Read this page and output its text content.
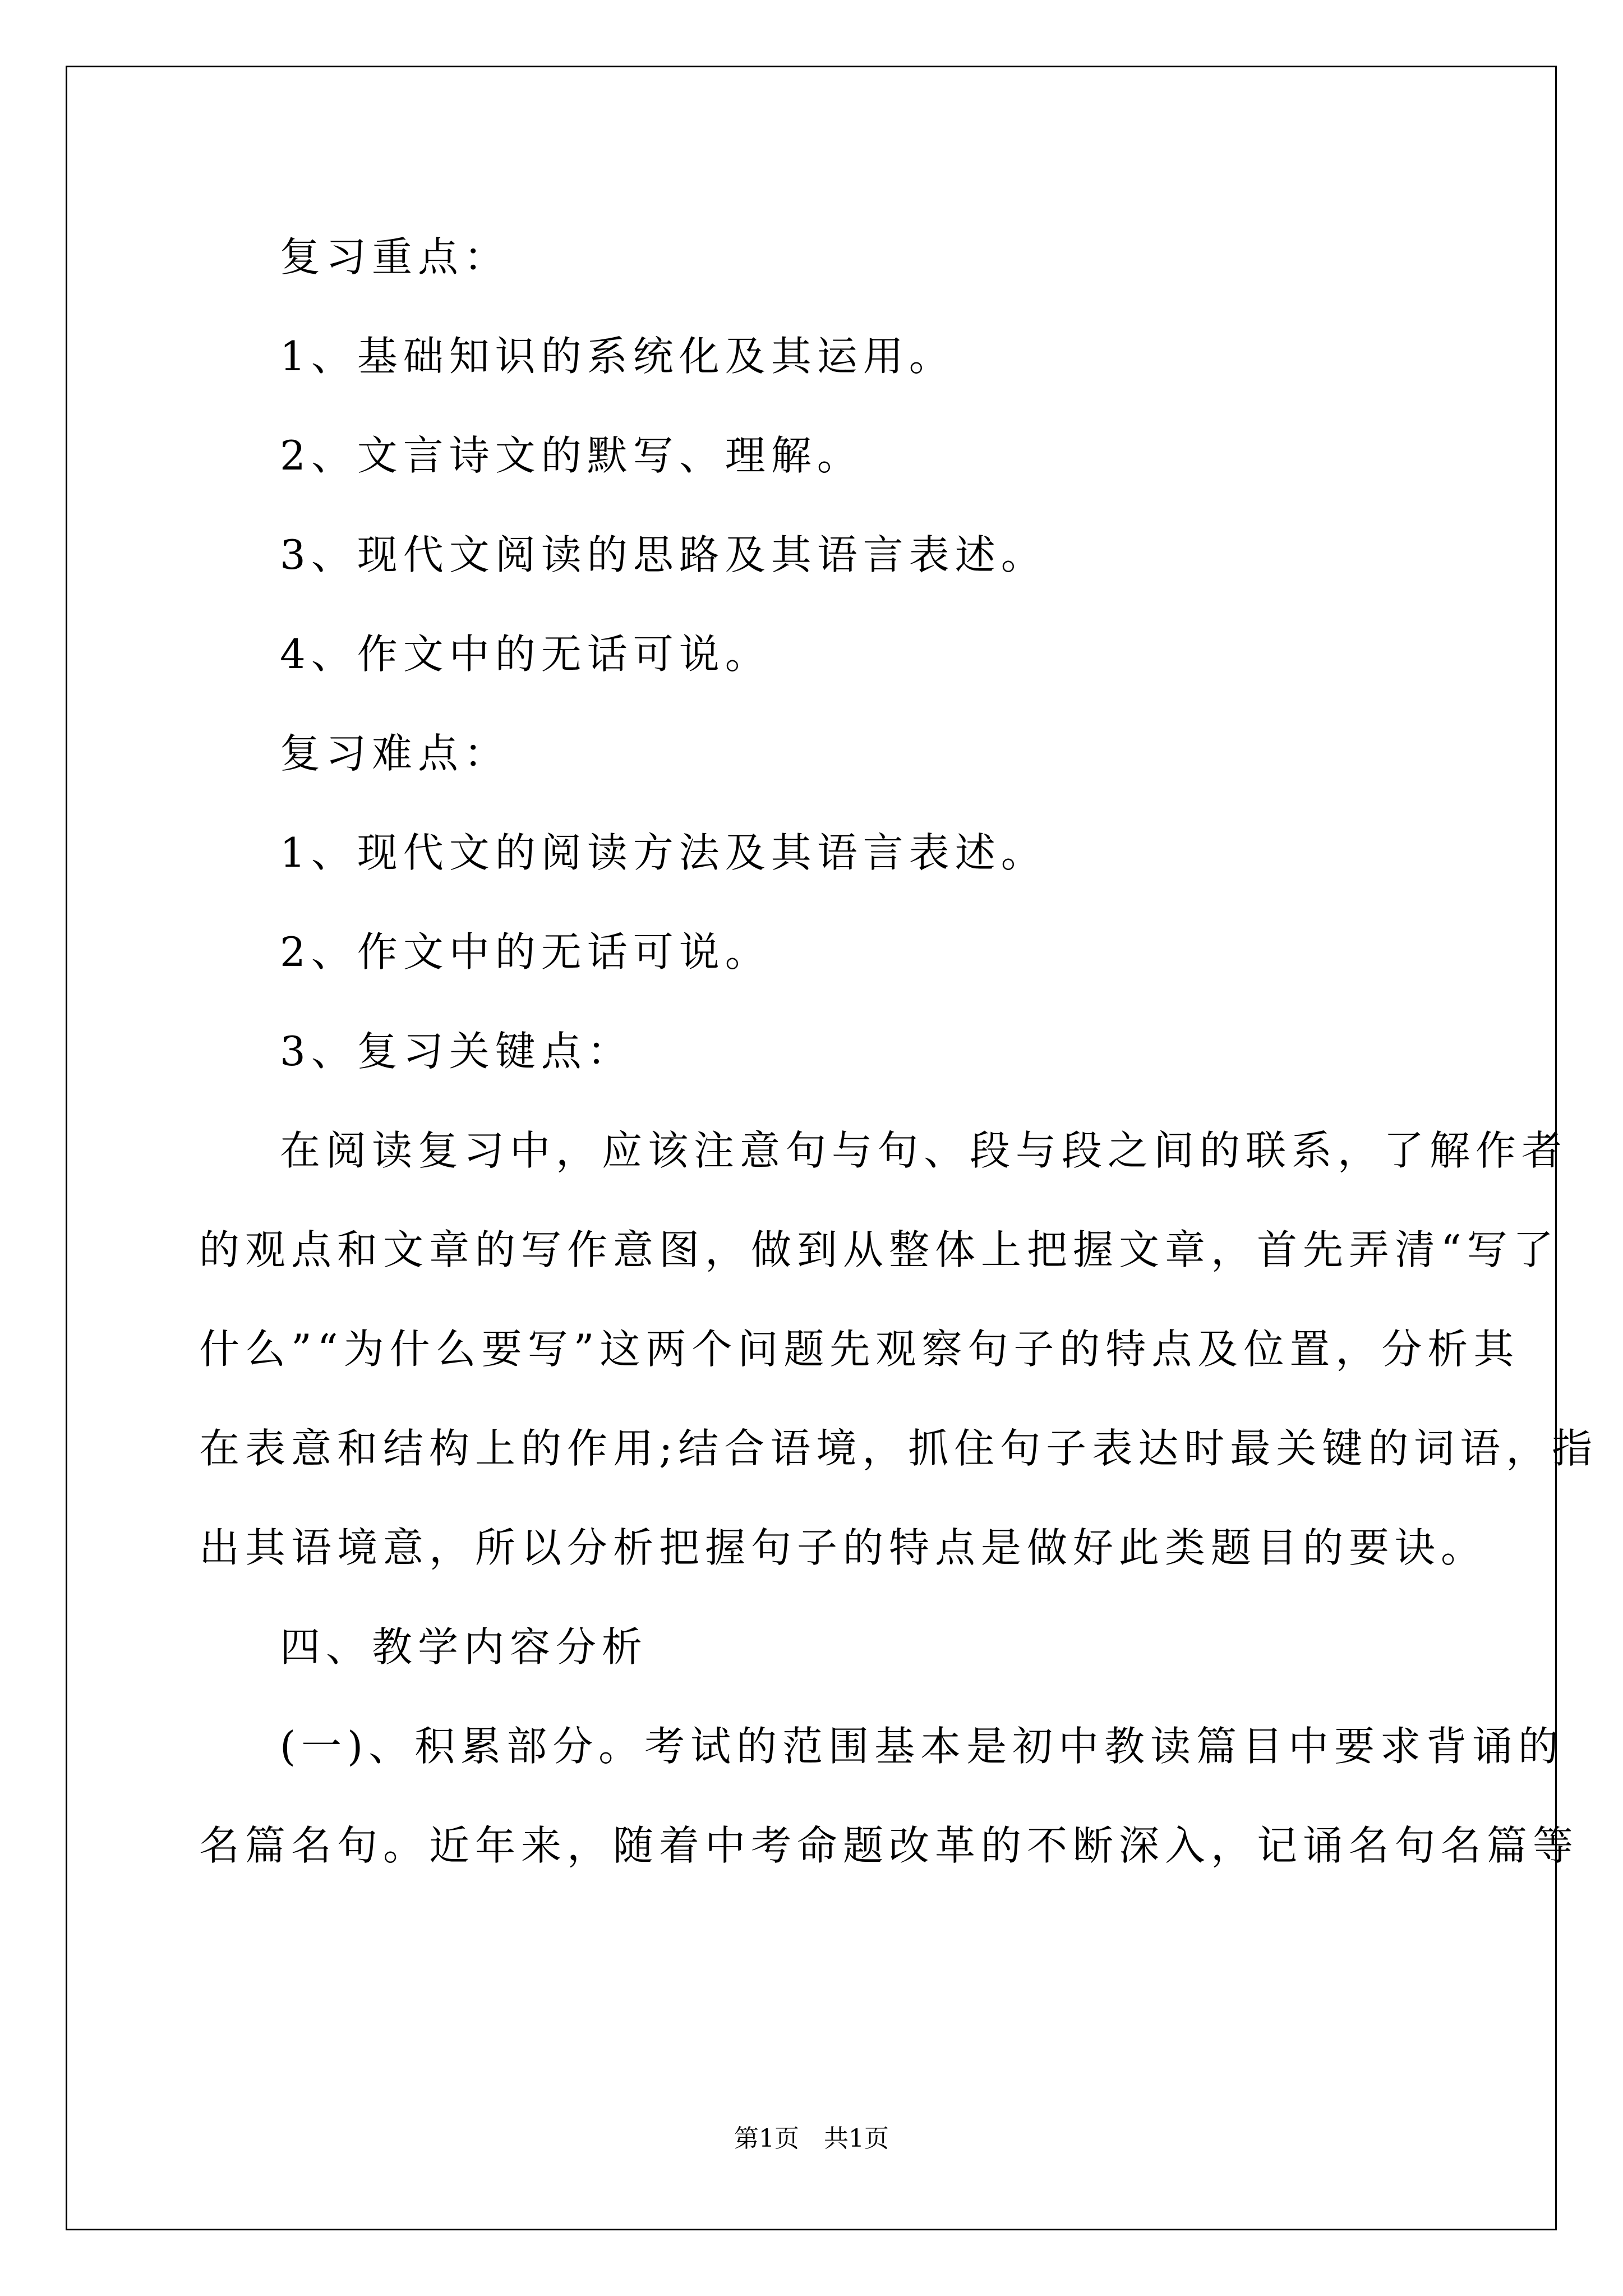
复习重点：

1、基础知识的系统化及其运用。

2、文言诗文的默写、理解。

3、现代文阅读的思路及其语言表述。

4、作文中的无话可说。

复习难点：

1、现代文的阅读方法及其语言表述。

2、作文中的无话可说。

3、复习关键点：

在阅读复习中，应该注意句与句、段与段之间的联系，了解作者

的观点和文章的写作意图，做到从整体上把握文章，首先弄清“写了

什么”“为什么要写”这两个问题先观察句子的特点及位置，分析其

在表意和结构上的作用;结合语境，抓住句子表达时最关键的词语，指

出其语境意，所以分析把握句子的特点是做好此类题目的要诀。

四、教学内容分析

(一)、积累部分。考试的范围基本是初中教读篇目中要求背诵的

名篇名句。近年来，随着中考命题改革的不断深入，记诵名句名篇等

第1页　共1页
